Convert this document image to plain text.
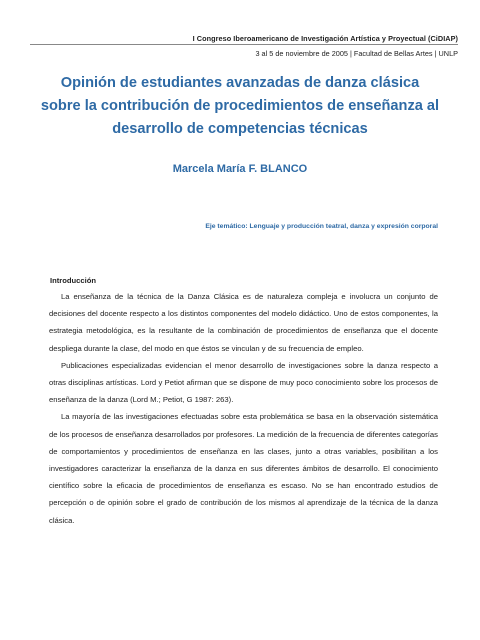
I Congreso Iberoamericano de Investigación Artística y Proyectual (CiDIAP)
3 al 5 de noviembre de 2005 | Facultad de Bellas Artes | UNLP
Opinión de estudiantes avanzadas de danza clásica sobre la contribución de procedimientos de enseñanza al desarrollo de competencias técnicas
Marcela María F. BLANCO
Eje temático: Lenguaje y producción teatral, danza y expresión corporal
Introducción

La enseñanza de la técnica de la Danza Clásica es de naturaleza compleja e involucra un conjunto de decisiones del docente respecto a los distintos componentes del modelo didáctico. Uno de estos componentes, la estrategia metodológica, es la resultante de la combinación de procedimientos de enseñanza que el docente despliega durante la clase, del modo en que éstos se vinculan y de su frecuencia de empleo.

Publicaciones especializadas evidencian el menor desarrollo de investigaciones sobre la danza respecto a otras disciplinas artísticas. Lord y Petiot afirman que se dispone de muy poco conocimiento sobre los procesos de enseñanza de la danza (Lord M.; Petiot, G 1987: 263).

La mayoría de las investigaciones efectuadas sobre esta problemática se basa en la observación sistemática de los procesos de enseñanza desarrollados por profesores. La medición de la frecuencia de diferentes categorías de comportamientos y procedimientos de enseñanza en las clases, junto a otras variables, posibilitan a los investigadores caracterizar la enseñanza de la danza en sus diferentes ámbitos de desarrollo. El conocimiento científico sobre la eficacia de procedimientos de enseñanza es escaso. No se han encontrado estudios de percepción o de opinión sobre el grado de contribución de los mismos al aprendizaje de la técnica de la danza clásica.
